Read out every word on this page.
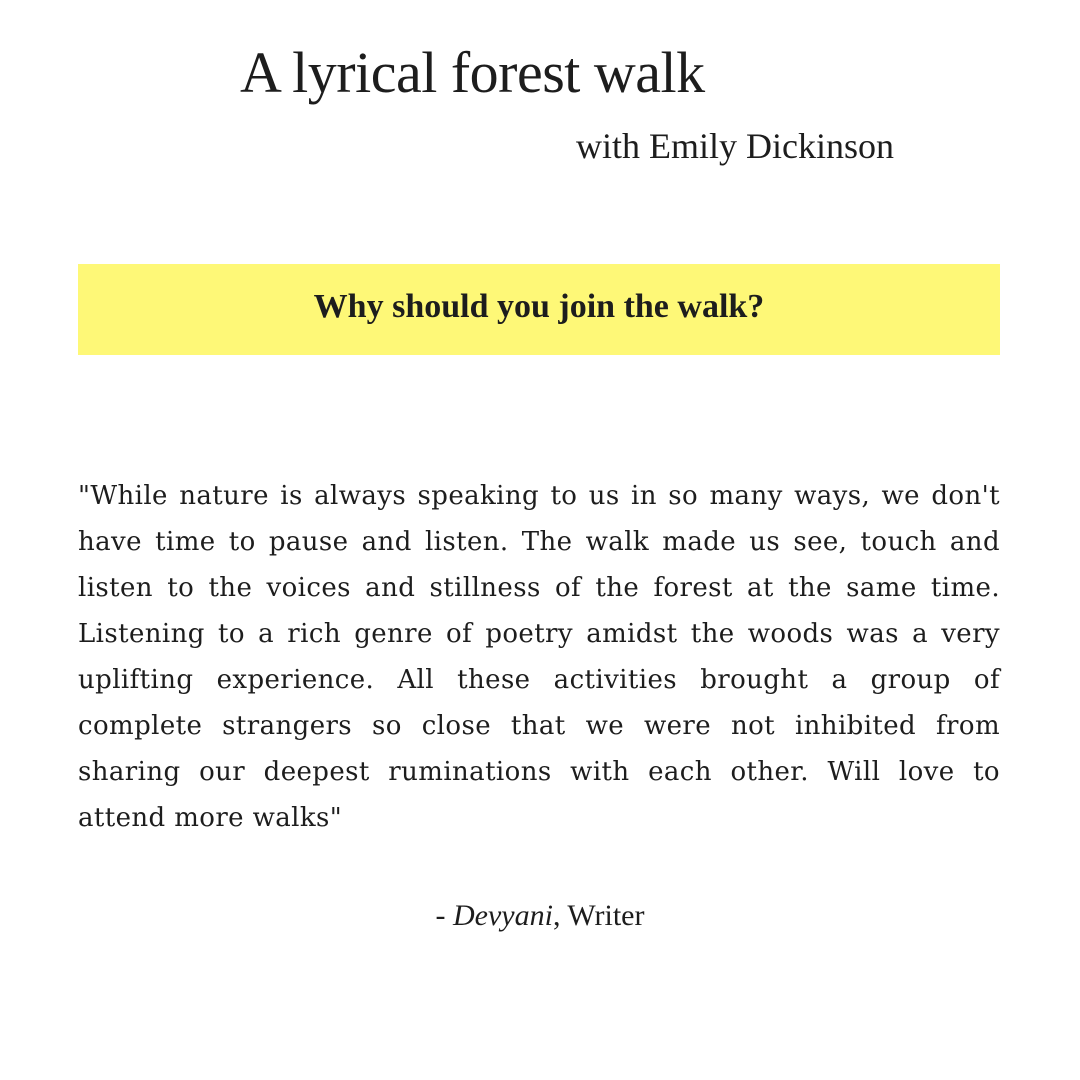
A lyrical forest walk
with Emily Dickinson
Why should you join the walk?

"While nature is always speaking to us in so many ways, we don't have time to pause and listen. The walk made us see, touch and listen to the voices and stillness of the forest at the same time. Listening to a rich genre of poetry amidst the woods was a very uplifting experience. All these activities brought a group of complete strangers so close that we were not inhibited from sharing our deepest ruminations with each other. Will love to attend more walks"

- Devyani, Writer
